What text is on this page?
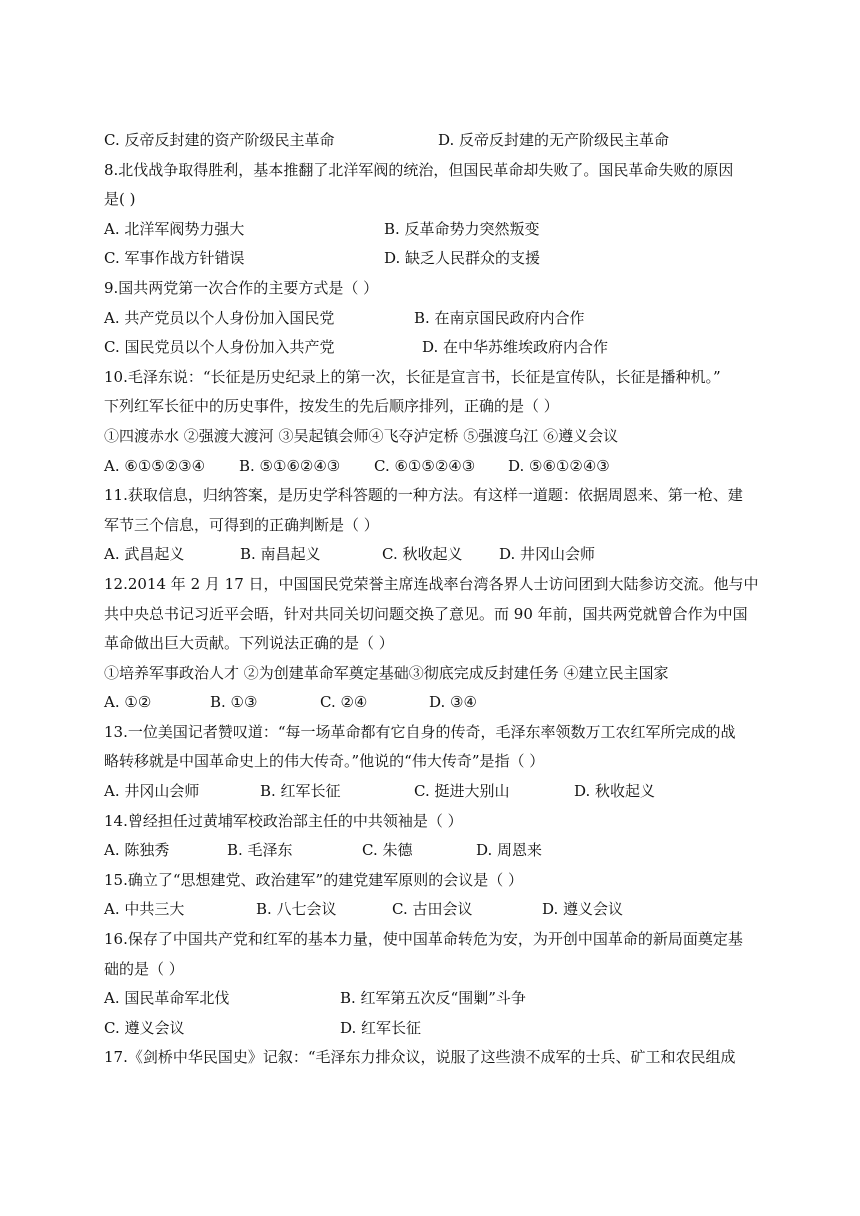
C. 反帝反封建的资产阶级民主革命	D. 反帝反封建的无产阶级民主革命
8.北伐战争取得胜利，基本推翻了北洋军阀的统治，但国民革命却失败了。国民革命失败的原因
是( )
A. 北洋军阀势力强大	B. 反革命势力突然叛变
C. 军事作战方针错误	D. 缺乏人民群众的支援
9.国共两党第一次合作的主要方式是（ ）
A. 共产党员以个人身份加入国民党	B. 在南京国民政府内合作
C. 国民党员以个人身份加入共产党	D. 在中华苏维埃政府内合作
10.毛泽东说：“长征是历史纪录上的第一次，长征是宣言书，长征是宣传队，长征是播种机。”
下列红军长征中的历史事件，按发生的先后顺序排列，正确的是（ ）
①四渡赤水 ②强渡大渡河 ③吴起镇会师④飞夺泸定桥 ⑤强渡乌江 ⑥遵义会议
A. ⑥①⑤②③④ B. ⑤①⑥②④③ C. ⑥①⑤②④③ D. ⑤⑥①②④③
11.获取信息，归纳答案，是历史学科答题的一种方法。有这样一道题：依据周恩来、第一枪、建
军节三个信息，可得到的正确判断是（ ）
A. 武昌起义	B. 南昌起义	C. 秋收起义 D. 井冈山会师
12.2014 年 2 月 17 日，中国国民党荣誉主席连战率台湾各界人士访问团到大陆参访交流。他与中
共中央总书记习近平会晤，针对共同关切问题交换了意见。而 90 年前，国共两党就曾合作为中国
革命做出巨大贡献。下列说法正确的是（ ）
①培养军事政治人才 ②为创建革命军奠定基础③彻底完成反封建任务 ④建立民主国家
A. ①②	B. ①③	C. ②④	D. ③④
13.一位美国记者赞叹道：“每一场革命都有它自身的传奇，毛泽东率领数万工农红军所完成的战
略转移就是中国革命史上的伟大传奇。”他说的“伟大传奇”是指（ ）
A. 井冈山会师	B. 红军长征	C. 挺进大别山	D. 秋收起义
14.曾经担任过黄埔军校政治部主任的中共领袖是（ ）
A. 陈独秀	B. 毛泽东	C. 朱德	D. 周恩来
15.确立了“思想建党、政治建军”的建党建军原则的会议是（ ）
A. 中共三大	B. 八七会议	C. 古田会议	D. 遵义会议
16.保存了中国共产党和红军的基本力量，使中国革命转危为安，为开创中国革命的新局面奠定基
础的是（ ）
A. 国民革命军北伐	B. 红军第五次反“围剿”斗争
C. 遵义会议	D. 红军长征
17.《剑桥中华民国史》记叙：“毛泽东力排众议，说服了这些溃不成军的士兵、矿工和农民组成
